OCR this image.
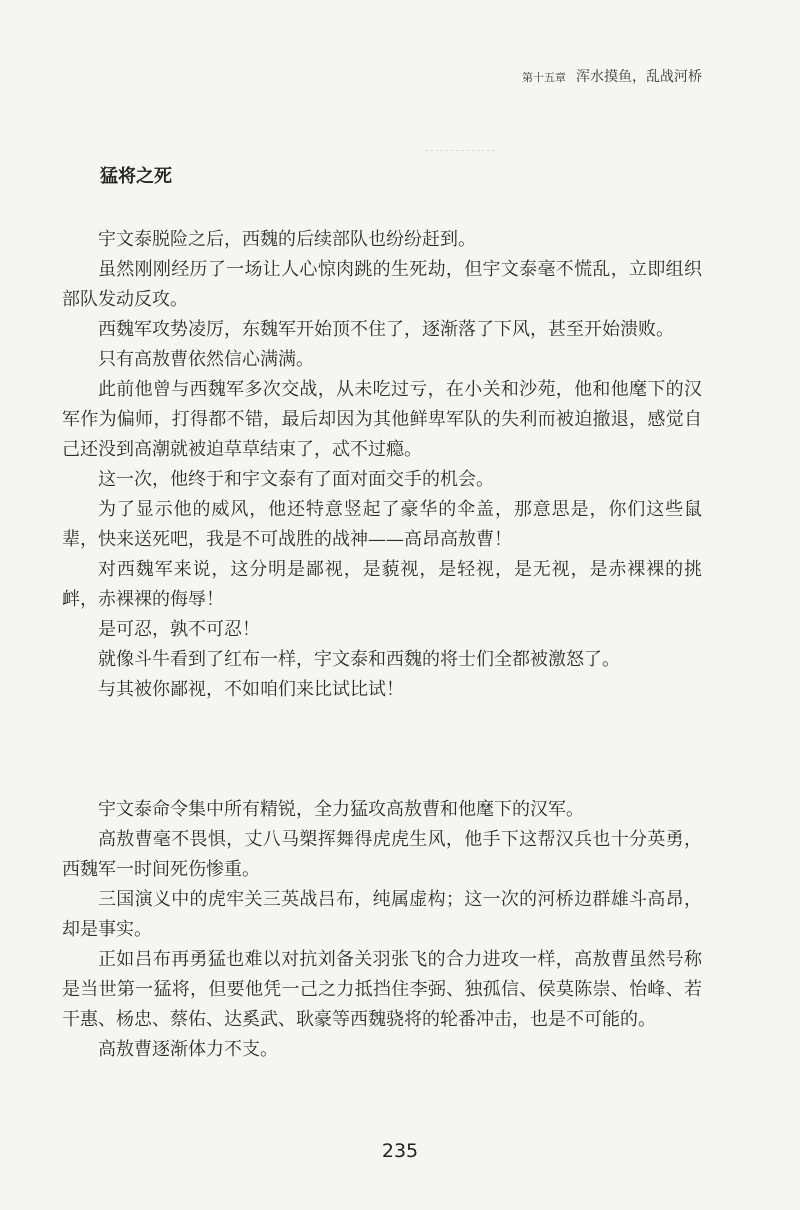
第十五章 浑水摸鱼，乱战河桥
猛将之死

宇文泰脱险之后，西魏的后续部队也纷纷赶到。

虽然刚刚经历了一场让人心惊肉跳的生死劫，但宇文泰毫不慌乱，立即组织部队发动反攻。

西魏军攻势凌厉，东魏军开始顶不住了，逐渐落了下风，甚至开始溃败。

只有高敖曹依然信心满满。

此前他曾与西魏军多次交战，从未吃过亏，在小关和沙苑，他和他麾下的汉军作为偏师，打得都不错，最后却因为其他鲜卑军队的失利而被迫撤退，感觉自己还没到高潮就被迫草草结束了，忒不过瘾。

这一次，他终于和宇文泰有了面对面交手的机会。

为了显示他的威风，他还特意竖起了豪华的伞盖，那意思是，你们这些鼠辈，快来送死吧，我是不可战胜的战神——高昂高敖曹！

对西魏军来说，这分明是鄙视，是藐视，是轻视，是无视，是赤裸裸的挑衅，赤裸裸的侮辱！

是可忍，孰不可忍！

就像斗牛看到了红布一样，宇文泰和西魏的将士们全都被激怒了。

与其被你鄙视，不如咱们来比试比试！

宇文泰命令集中所有精锐，全力猛攻高敖曹和他麾下的汉军。

高敖曹毫不畏惧，丈八马槊挥舞得虎虎生风，他手下这帮汉兵也十分英勇，西魏军一时间死伤惨重。

三国演义中的虎牢关三英战吕布，纯属虚构；这一次的河桥边群雄斗高昂，却是事实。

正如吕布再勇猛也难以对抗刘备关羽张飞的合力进攻一样，高敖曹虽然号称是当世第一猛将，但要他凭一己之力抵挡住李弼、独孤信、侯莫陈崇、怡峰、若干惠、杨忠、蔡佑、达奚武、耿豪等西魏骁将的轮番冲击，也是不可能的。

高敖曹逐渐体力不支。

235
